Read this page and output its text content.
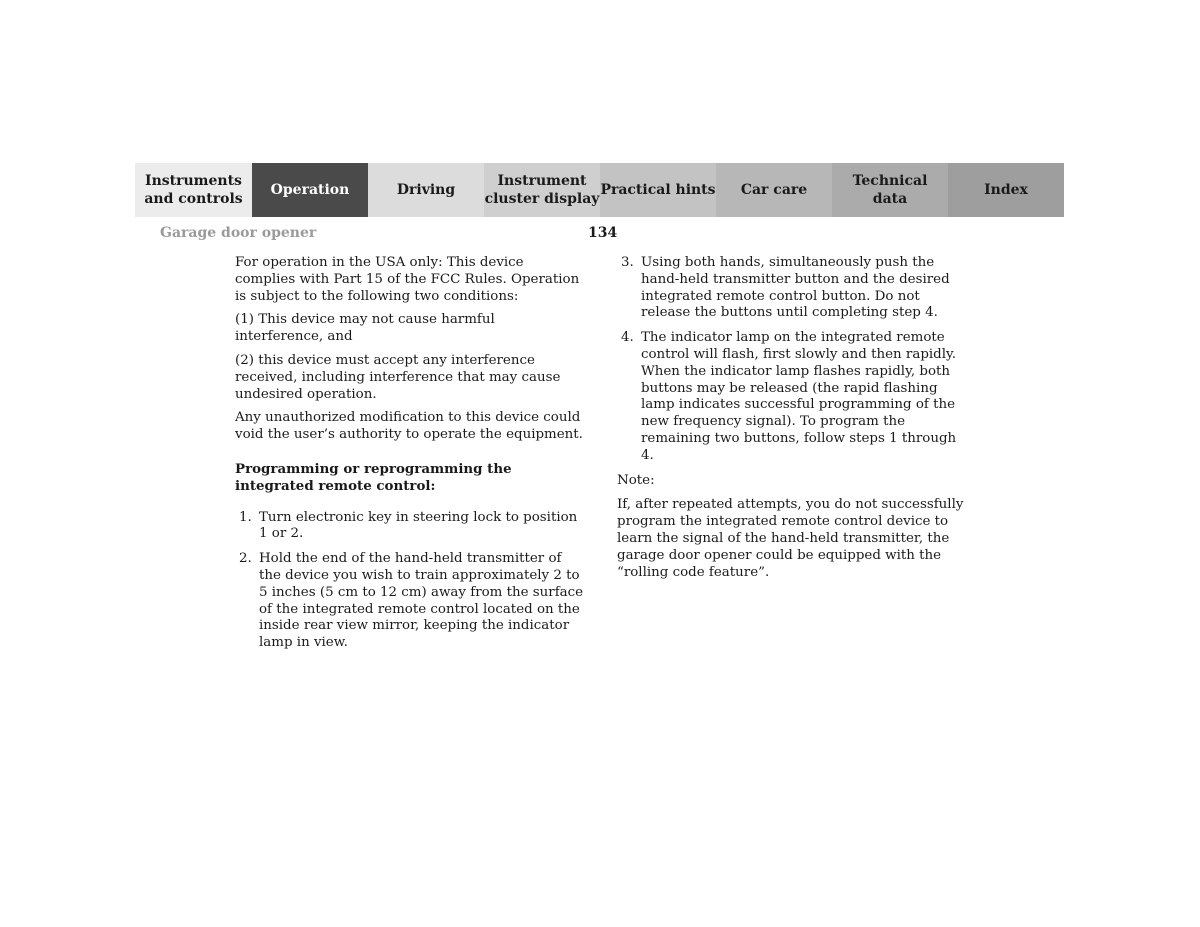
Instruments
and controls
Operation	Driving
Instrument
cluster display
Practical hints Car care
Technical
data
Index
Garage door opener	134

For operation in the USA only: This device complies with Part 15 of the FCC Rules. Operation is subject to the following two conditions:

(1) This device may not cause harmful interference, and

(2) this device must accept any interference received, including interference that may cause undesired operation.

Any unauthorized modification to this device could void the user’s authority to operate the equipment.

Programming or reprogramming the integrated remote control:

1. Turn electronic key in steering lock to position 1 or 2.
2. Hold the end of the hand-held transmitter of the device you wish to train approximately 2 to 5 inches (5 cm to 12 cm) away from the surface of the integrated remote control located on the inside rear view mirror, keeping the indicator lamp in view.
3. Using both hands, simultaneously push the hand-held transmitter button and the desired integrated remote control button. Do not release the buttons until completing step 4.
4. The indicator lamp on the integrated remote control will flash, first slowly and then rapidly. When the indicator lamp flashes rapidly, both buttons may be released (the rapid flashing lamp indicates successful programming of the new frequency signal). To program the remaining two buttons, follow steps 1 through 4.

Note:

If, after repeated attempts, you do not successfully program the integrated remote control device to learn the signal of the hand-held transmitter, the garage door opener could be equipped with the “rolling code feature”.
